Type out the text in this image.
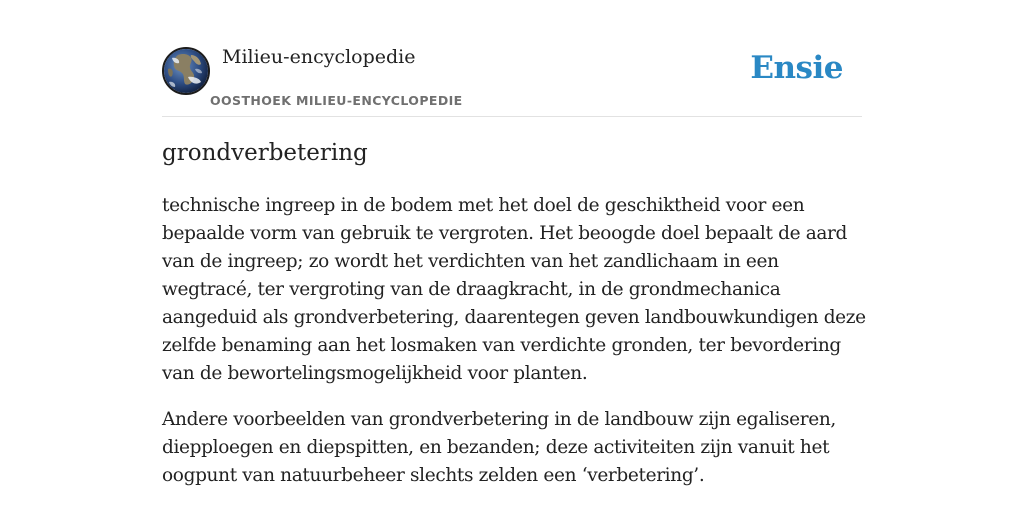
Milieu-encyclopedie
OOSTHOEK MILIEU-ENCYCLOPEDIE
Ensie
grondverbetering

technische ingreep in de bodem met het doel de geschiktheid voor een bepaalde vorm van gebruik te vergroten. Het beoogde doel bepaalt de aard van de ingreep; zo wordt het verdichten van het zandlichaam in een wegtracé, ter vergroting van de draagkracht, in de grondmechanica aangeduid als grondverbetering, daarentegen geven landbouwkundigen deze zelfde benaming aan het losmaken van verdichte gronden, ter bevordering van de bewortelingsmogelijkheid voor planten.

Andere voorbeelden van grondverbetering in de landbouw zijn egaliseren, diepploegen en diepspitten, en bezanden; deze activiteiten zijn vanuit het oogpunt van natuurbeheer slechts zelden een ‘verbetering’.
